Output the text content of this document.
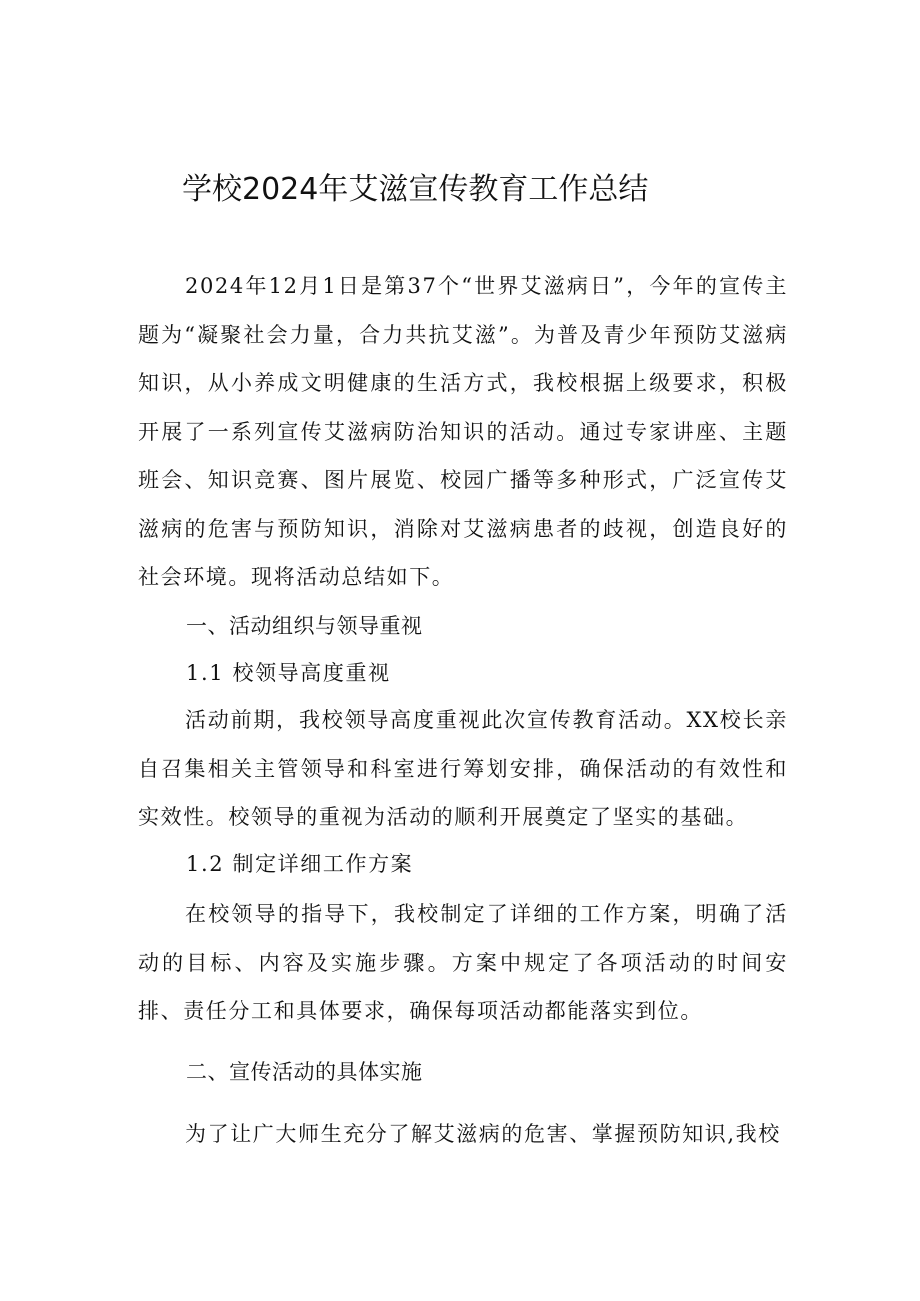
学校2024年艾滋宣传教育工作总结

2024年12月1日是第37个“世界艾滋病日”，今年的宣传主题为“凝聚社会力量，合力共抗艾滋”。为普及青少年预防艾滋病知识，从小养成文明健康的生活方式，我校根据上级要求，积极开展了一系列宣传艾滋病防治知识的活动。通过专家讲座、主题班会、知识竞赛、图片展览、校园广播等多种形式，广泛宣传艾滋病的危害与预防知识，消除对艾滋病患者的歧视，创造良好的社会环境。现将活动总结如下。

一、活动组织与领导重视
1.1 校领导高度重视

活动前期，我校领导高度重视此次宣传教育活动。XX校长亲自召集相关主管领导和科室进行筹划安排，确保活动的有效性和实效性。校领导的重视为活动的顺利开展奠定了坚实的基础。

1.2 制定详细工作方案

在校领导的指导下，我校制定了详细的工作方案，明确了活动的目标、内容及实施步骤。方案中规定了各项活动的时间安排、责任分工和具体要求，确保每项活动都能落实到位。

二、宣传活动的具体实施

为了让广大师生充分了解艾滋病的危害、掌握预防知识,我校
